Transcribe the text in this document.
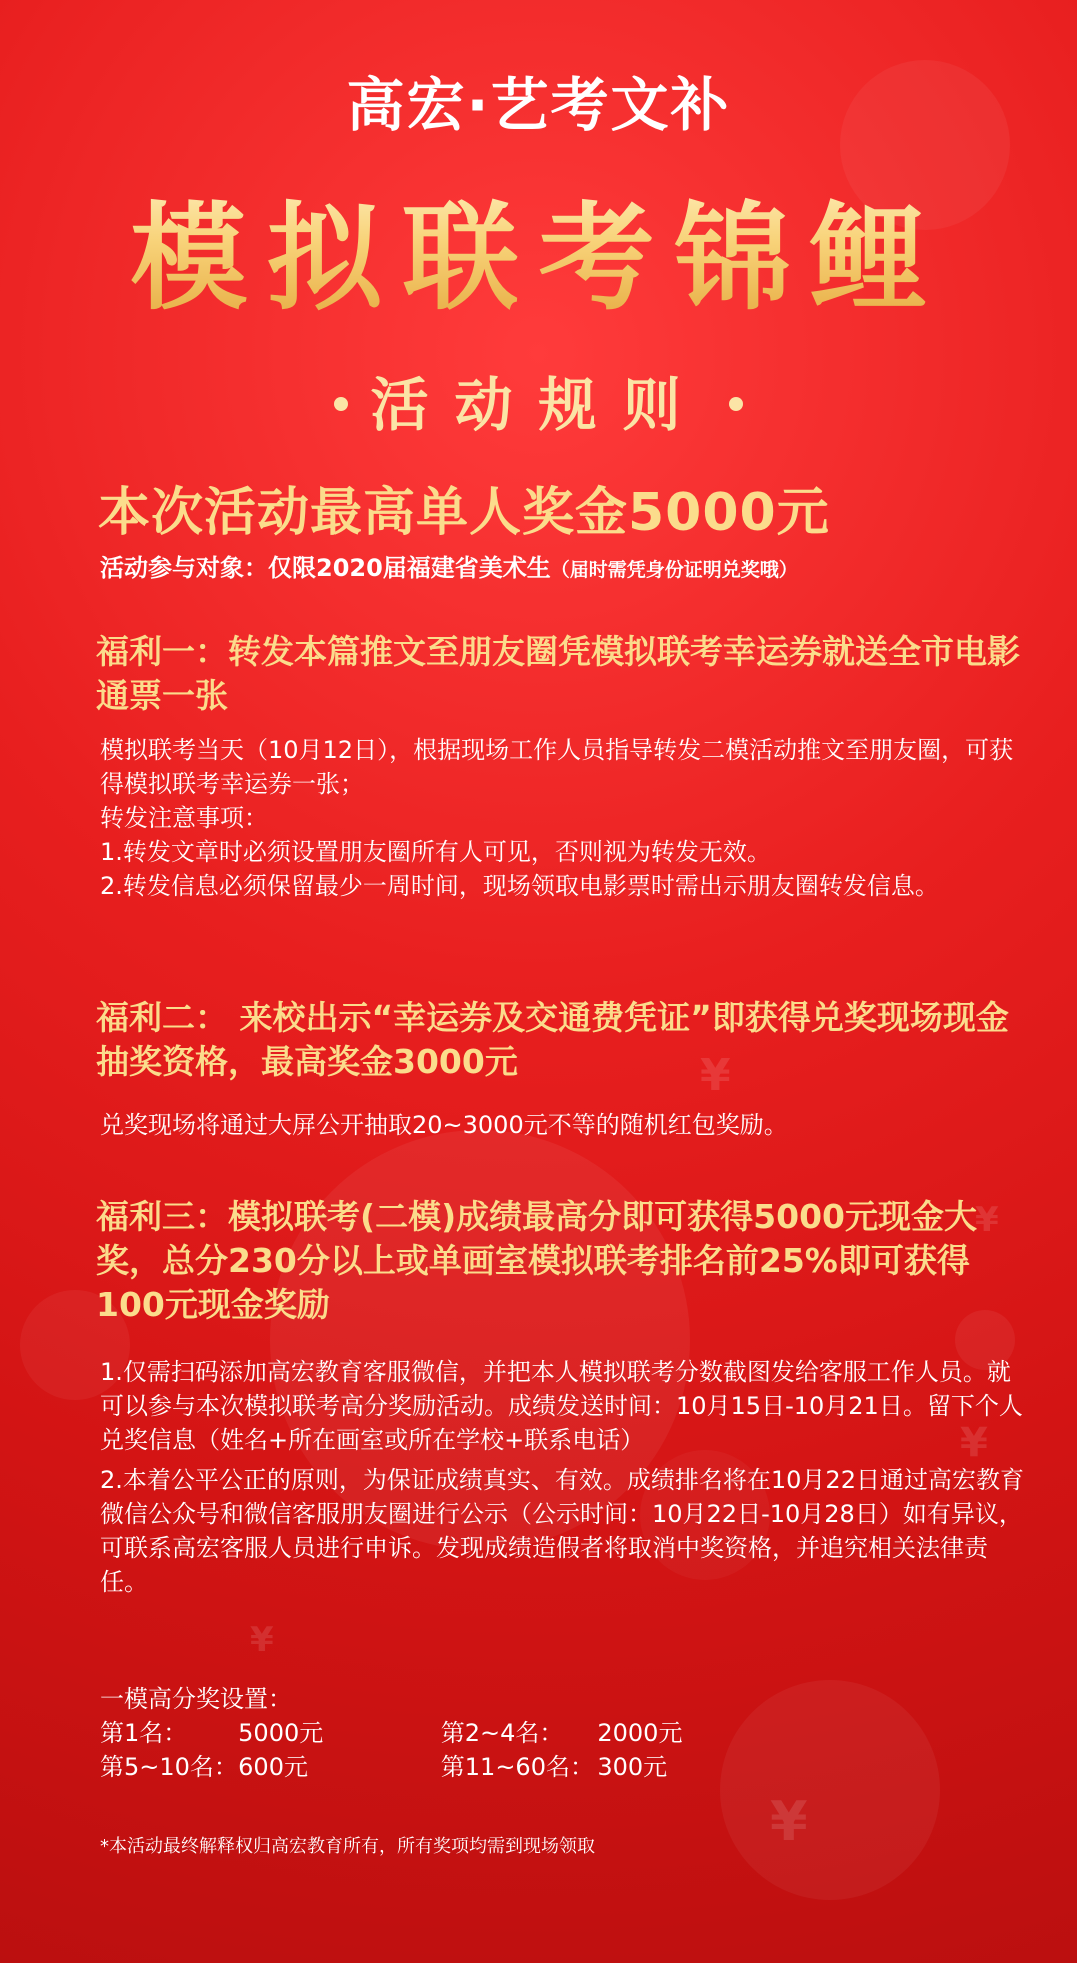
¥
¥
¥
¥
¥
高宏·艺考文补
模拟联考锦鲤
活动规则
本次活动最高单人奖金5000元
活动参与对象：仅限2020届福建省美术生（届时需凭身份证明兑奖哦）
福利一：转发本篇推文至朋友圈凭模拟联考幸运券就送全市电影通票一张

模拟联考当天（10月12日），根据现场工作人员指导转发二模活动推文至朋友圈，可获得模拟联考幸运券一张；

转发注意事项：

1.转发文章时必须设置朋友圈所有人可见，否则视为转发无效。

2.转发信息必须保留最少一周时间，现场领取电影票时需出示朋友圈转发信息。

福利二： 来校出示“幸运券及交通费凭证”即获得兑奖现场现金抽奖资格，最高奖金3000元

兑奖现场将通过大屏公开抽取20~3000元不等的随机红包奖励。

福利三：模拟联考(二模)成绩最高分即可获得5000元现金大奖，总分230分以上或单画室模拟联考排名前25%即可获得100元现金奖励

1.仅需扫码添加高宏教育客服微信，并把本人模拟联考分数截图发给客服工作人员。就可以参与本次模拟联考高分奖励活动。成绩发送时间：10月15日-10月21日。留下个人兑奖信息（姓名+所在画室或所在学校+联系电话）

2.本着公平公正的原则，为保证成绩真实、有效。成绩排名将在10月22日通过高宏教育微信公众号和微信客服朋友圈进行公示（公示时间：10月22日-10月28日）如有异议，可联系高宏客服人员进行申诉。发现成绩造假者将取消中奖资格，并追究相关法律责任。

一模高分奖设置：

第1名：	5000元	第2~4名：	2000元
第5~10名： 600元	第11~60名： 300元
*本活动最终解释权归高宏教育所有，所有奖项均需到现场领取
